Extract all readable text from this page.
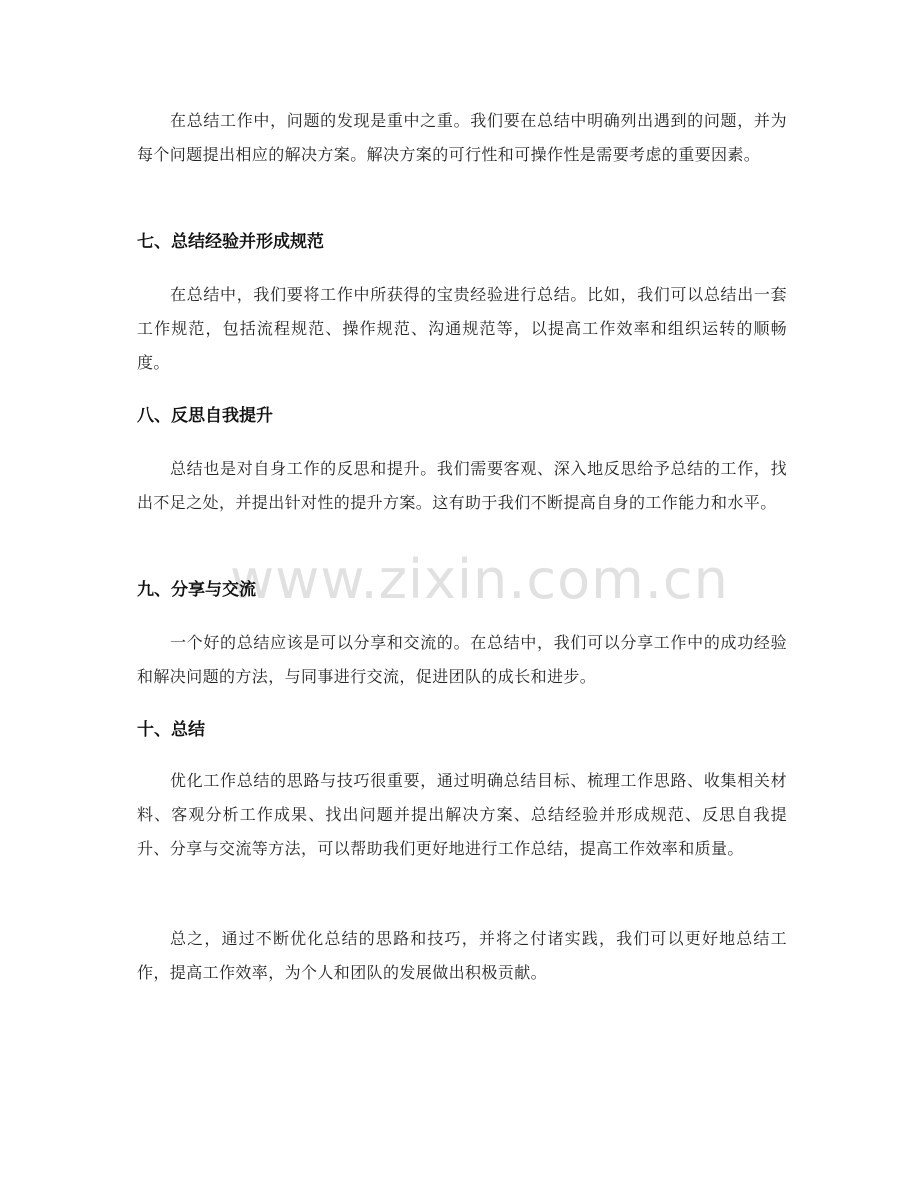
在总结工作中，问题的发现是重中之重。我们要在总结中明确列出遇到的问题，并为每个问题提出相应的解决方案。解决方案的可行性和可操作性是需要考虑的重要因素。

七、总结经验并形成规范

在总结中，我们要将工作中所获得的宝贵经验进行总结。比如，我们可以总结出一套工作规范，包括流程规范、操作规范、沟通规范等，以提高工作效率和组织运转的顺畅度。

八、反思自我提升

总结也是对自身工作的反思和提升。我们需要客观、深入地反思给予总结的工作，找出不足之处，并提出针对性的提升方案。这有助于我们不断提高自身的工作能力和水平。

www.zixin.com.cn
九、分享与交流

一个好的总结应该是可以分享和交流的。在总结中，我们可以分享工作中的成功经验和解决问题的方法，与同事进行交流，促进团队的成长和进步。

十、总结

优化工作总结的思路与技巧很重要，通过明确总结目标、梳理工作思路、收集相关材料、客观分析工作成果、找出问题并提出解决方案、总结经验并形成规范、反思自我提升、分享与交流等方法，可以帮助我们更好地进行工作总结，提高工作效率和质量。

总之，通过不断优化总结的思路和技巧，并将之付诸实践，我们可以更好地总结工作，提高工作效率，为个人和团队的发展做出积极贡献。
